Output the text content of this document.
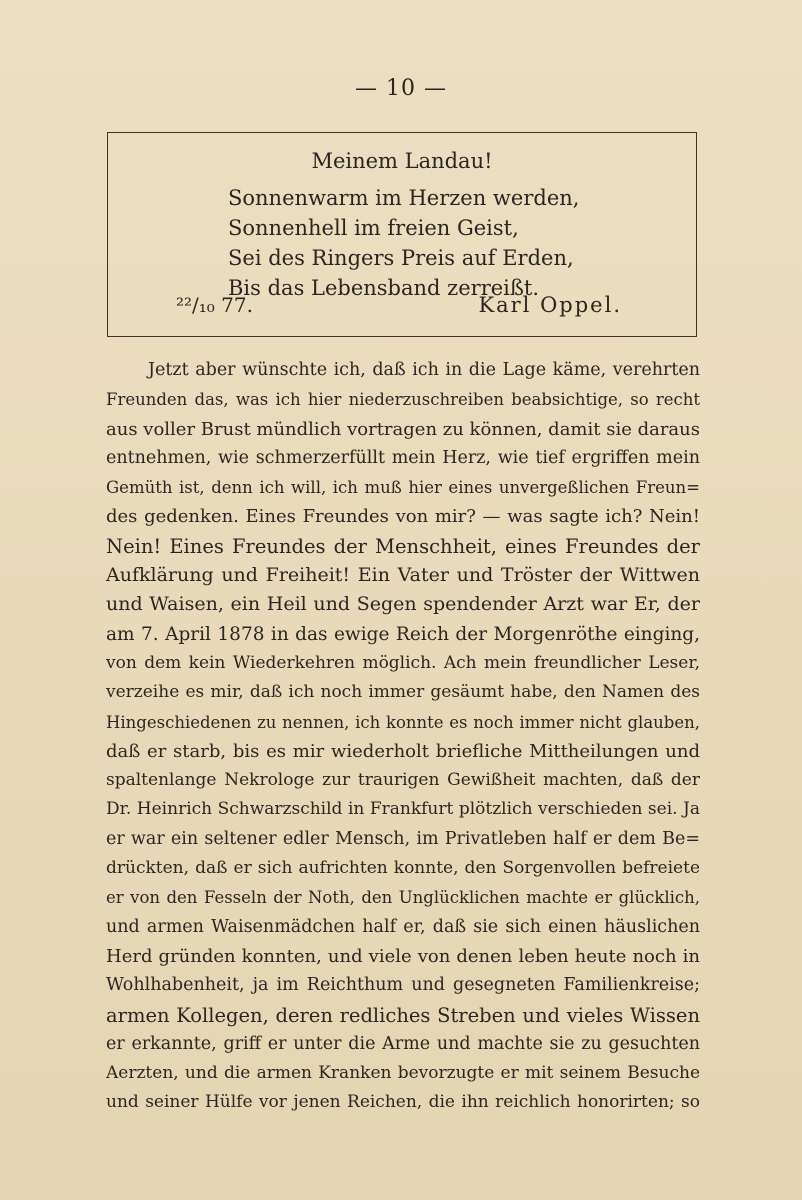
— 10 —
Meinem Landau!
Sonnenwarm im Herzen werden,
Sonnenhell im freien Geist,
Sei des Ringers Preis auf Erden,
Bis das Lebensband zerreißt.
²²/₁₀ 77.	Karl Oppel.
Jetzt aber wünschte ich, daß ich in die Lage käme, verehrten
Freunden das, was ich hier niederzuschreiben beabsichtige, so recht
aus voller Brust mündlich vortragen zu können, damit sie daraus
entnehmen, wie schmerzerfüllt mein Herz, wie tief ergriffen mein
Gemüth ist, denn ich will, ich muß hier eines unvergeßlichen Freun=
des gedenken. Eines Freundes von mir? — was sagte ich? Nein!
Nein! Eines Freundes der Menschheit, eines Freundes der
Aufklärung und Freiheit! Ein Vater und Tröster der Wittwen
und Waisen, ein Heil und Segen spendender Arzt war Er, der
am 7. April 1878 in das ewige Reich der Morgenröthe einging,
von dem kein Wiederkehren möglich. Ach mein freundlicher Leser,
verzeihe es mir, daß ich noch immer gesäumt habe, den Namen des
Hingeschiedenen zu nennen, ich konnte es noch immer nicht glauben,
daß er starb, bis es mir wiederholt briefliche Mittheilungen und
spaltenlange Nekrologe zur traurigen Gewißheit machten, daß der
Dr. Heinrich Schwarzschild in Frankfurt plötzlich verschieden sei. Ja
er war ein seltener edler Mensch, im Privatleben half er dem Be=
drückten, daß er sich aufrichten konnte, den Sorgenvollen befreiete
er von den Fesseln der Noth, den Unglücklichen machte er glücklich,
und armen Waisenmädchen half er, daß sie sich einen häuslichen
Herd gründen konnten, und viele von denen leben heute noch in
Wohlhabenheit, ja im Reichthum und gesegneten Familienkreise;
armen Kollegen, deren redliches Streben und vieles Wissen
er erkannte, griff er unter die Arme und machte sie zu gesuchten
Aerzten, und die armen Kranken bevorzugte er mit seinem Besuche
und seiner Hülfe vor jenen Reichen, die ihn reichlich honorirten; so
